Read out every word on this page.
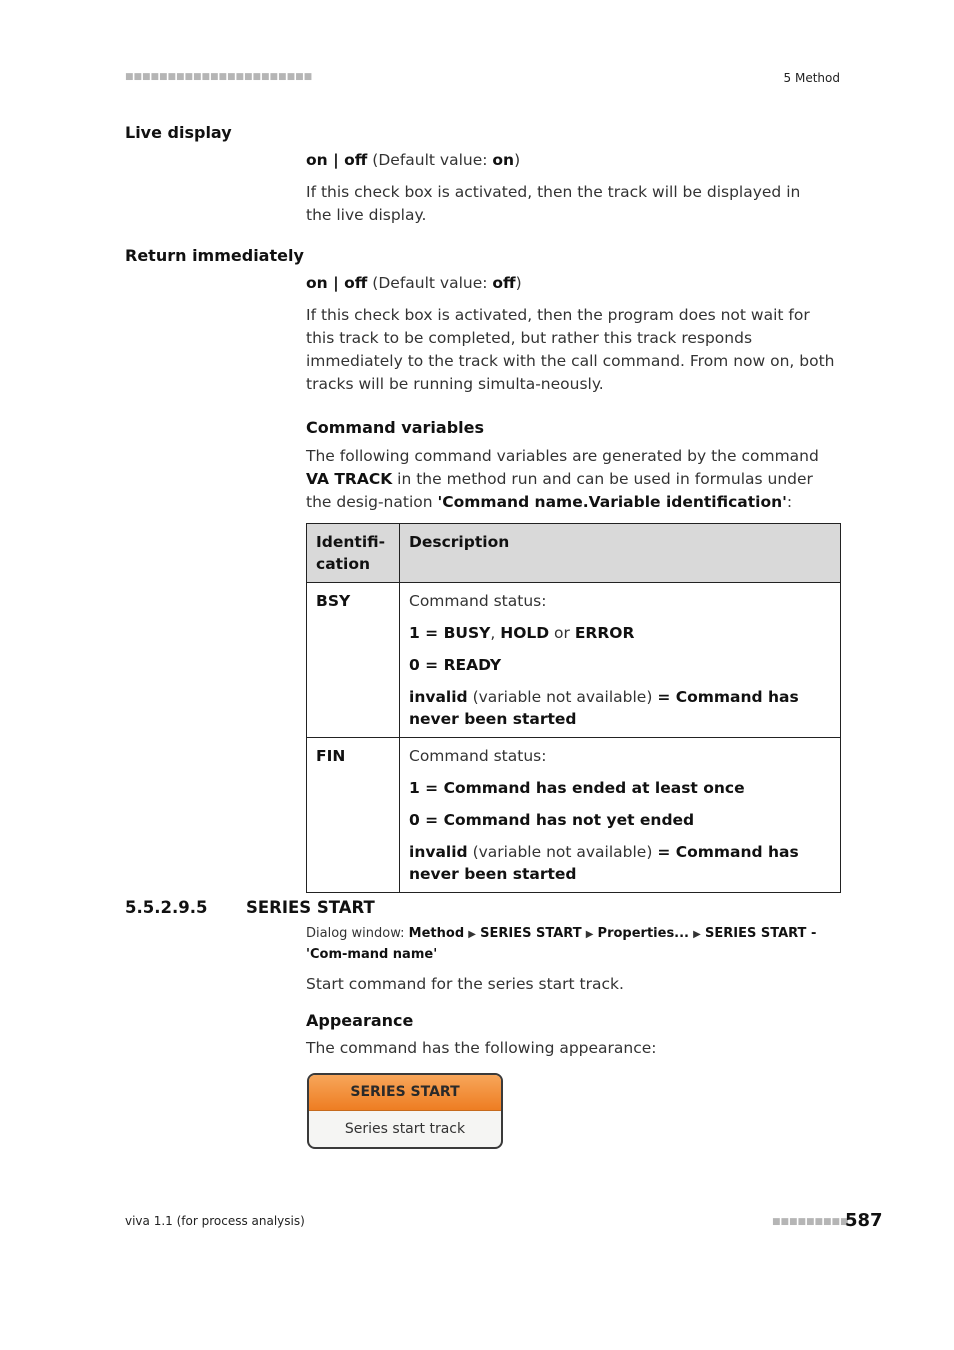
■■■■■■■■■■■■■■■■■■■■■■	5 Method
Live display
on | off (Default value: on)
If this check box is activated, then the track will be displayed in the live display.
Return immediately
on | off (Default value: off)
If this check box is activated, then the program does not wait for this track to be completed, but rather this track responds immediately to the track with the call command. From now on, both tracks will be running simulta-neously.
Command variables
The following command variables are generated by the command VA TRACK in the method run and can be used in formulas under the desig-nation 'Command name.Variable identification':
Identifi-cation	Description
BSY	Command status:

1 = BUSY, HOLD or ERROR

0 = READY

invalid (variable not available) = Command has never been started

FIN	Command status:

1 = Command has ended at least once

0 = Command has not yet ended

invalid (variable not available) = Command has never been started

5.5.2.9.5 SERIES START
Dialog window: Method ▶ SERIES START ▶ Properties... ▶ SERIES START - 'Com-mand name'
Start command for the series start track.
Appearance
The command has the following appearance:
SERIES START
Series start track
viva 1.1 (for process analysis)	■■■■■■■■■
587
